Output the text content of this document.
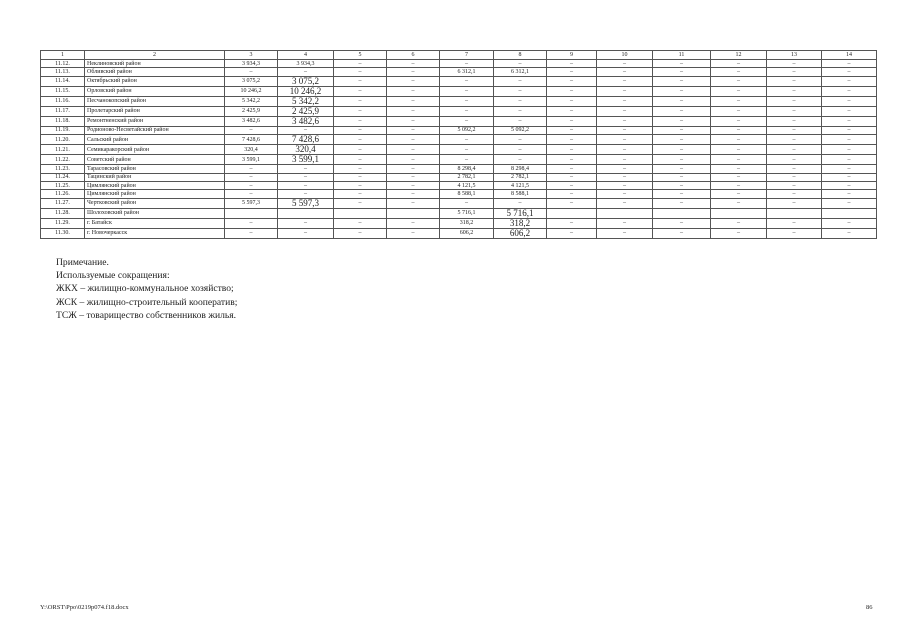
1	2	3	4	5	6	7	8	9	10	11	12	13	14
11.12.	Неклиновский район	3 934,3	3 934,3	–	–	–	–	–	–	–	–	–	–
11.13.	Обливский район	–	–	–	–	6 312,1	6 312,1	–	–	–	–	–	–
11.14.	Октябрьский район	3 075,2	3 075,2	–	–	–	–	–	–	–	–	–	–
11.15.	Орловский район	10 246,2	10 246,2	–	–	–	–	–	–	–	–	–	–
11.16.	Песчанокопский район	5 342,2	5 342,2	–	–	–	–	–	–	–	–	–	–
11.17.	Пролетарский район	2 425,9	2 425,9	–	–	–	–	–	–	–	–	–	–
11.18.	Ремонтненский район	3 482,6	3 482,6	–	–	–	–	–	–	–	–	–	–
11.19.	Родионово-Несветайский район	–	–	–	–	5 092,2	5 092,2	–	–	–	–	–	–
11.20.	Сальский район	7 428,6	7 428,6	–	–	–	–	–	–	–	–	–	–
11.21.	Семикаракорский район	320,4	320,4	–	–	–	–	–	–	–	–	–	–
11.22.	Советский район	3 599,1	3 599,1	–	–	–	–	–	–	–	–	–	–
11.23.	Тарасовский район	–	–	–	–	8 298,4	8 298,4	–	–	–	–	–	–
11.24.	Тацинский район	–	–	–	–	2 782,1	2 782,1	–	–	–	–	–	–
11.25.	Цимлянский район	–	–	–	–	4 121,5	4 121,5	–	–	–	–	–	–
11.26.	Цимлянский район	–	–	–	–	8 588,1	8 588,1	–	–	–	–	–	–
11.27.	Чертковский район	5 597,3	5 597,3	–	–	–	–	–	–	–	–	–	–
11.28.	Шолоховский район					5 716,1	5 716,1						
11.29.	г. Батайск	–	–	–	–	318,2	318,2	–	–	–	–	–	–
11.30.	г. Новочеркасск	–	–	–	–	606,2	606,2	–	–	–	–	–	–
Примечание.
Используемые сокращения:
ЖКХ – жилищно-коммунальное хозяйство;
ЖСК – жилищно-строительный кооператив;
ТСЖ – товарищество собственников жилья.
Y:\ORST\Ppo\0219p074.f18.docx	86
